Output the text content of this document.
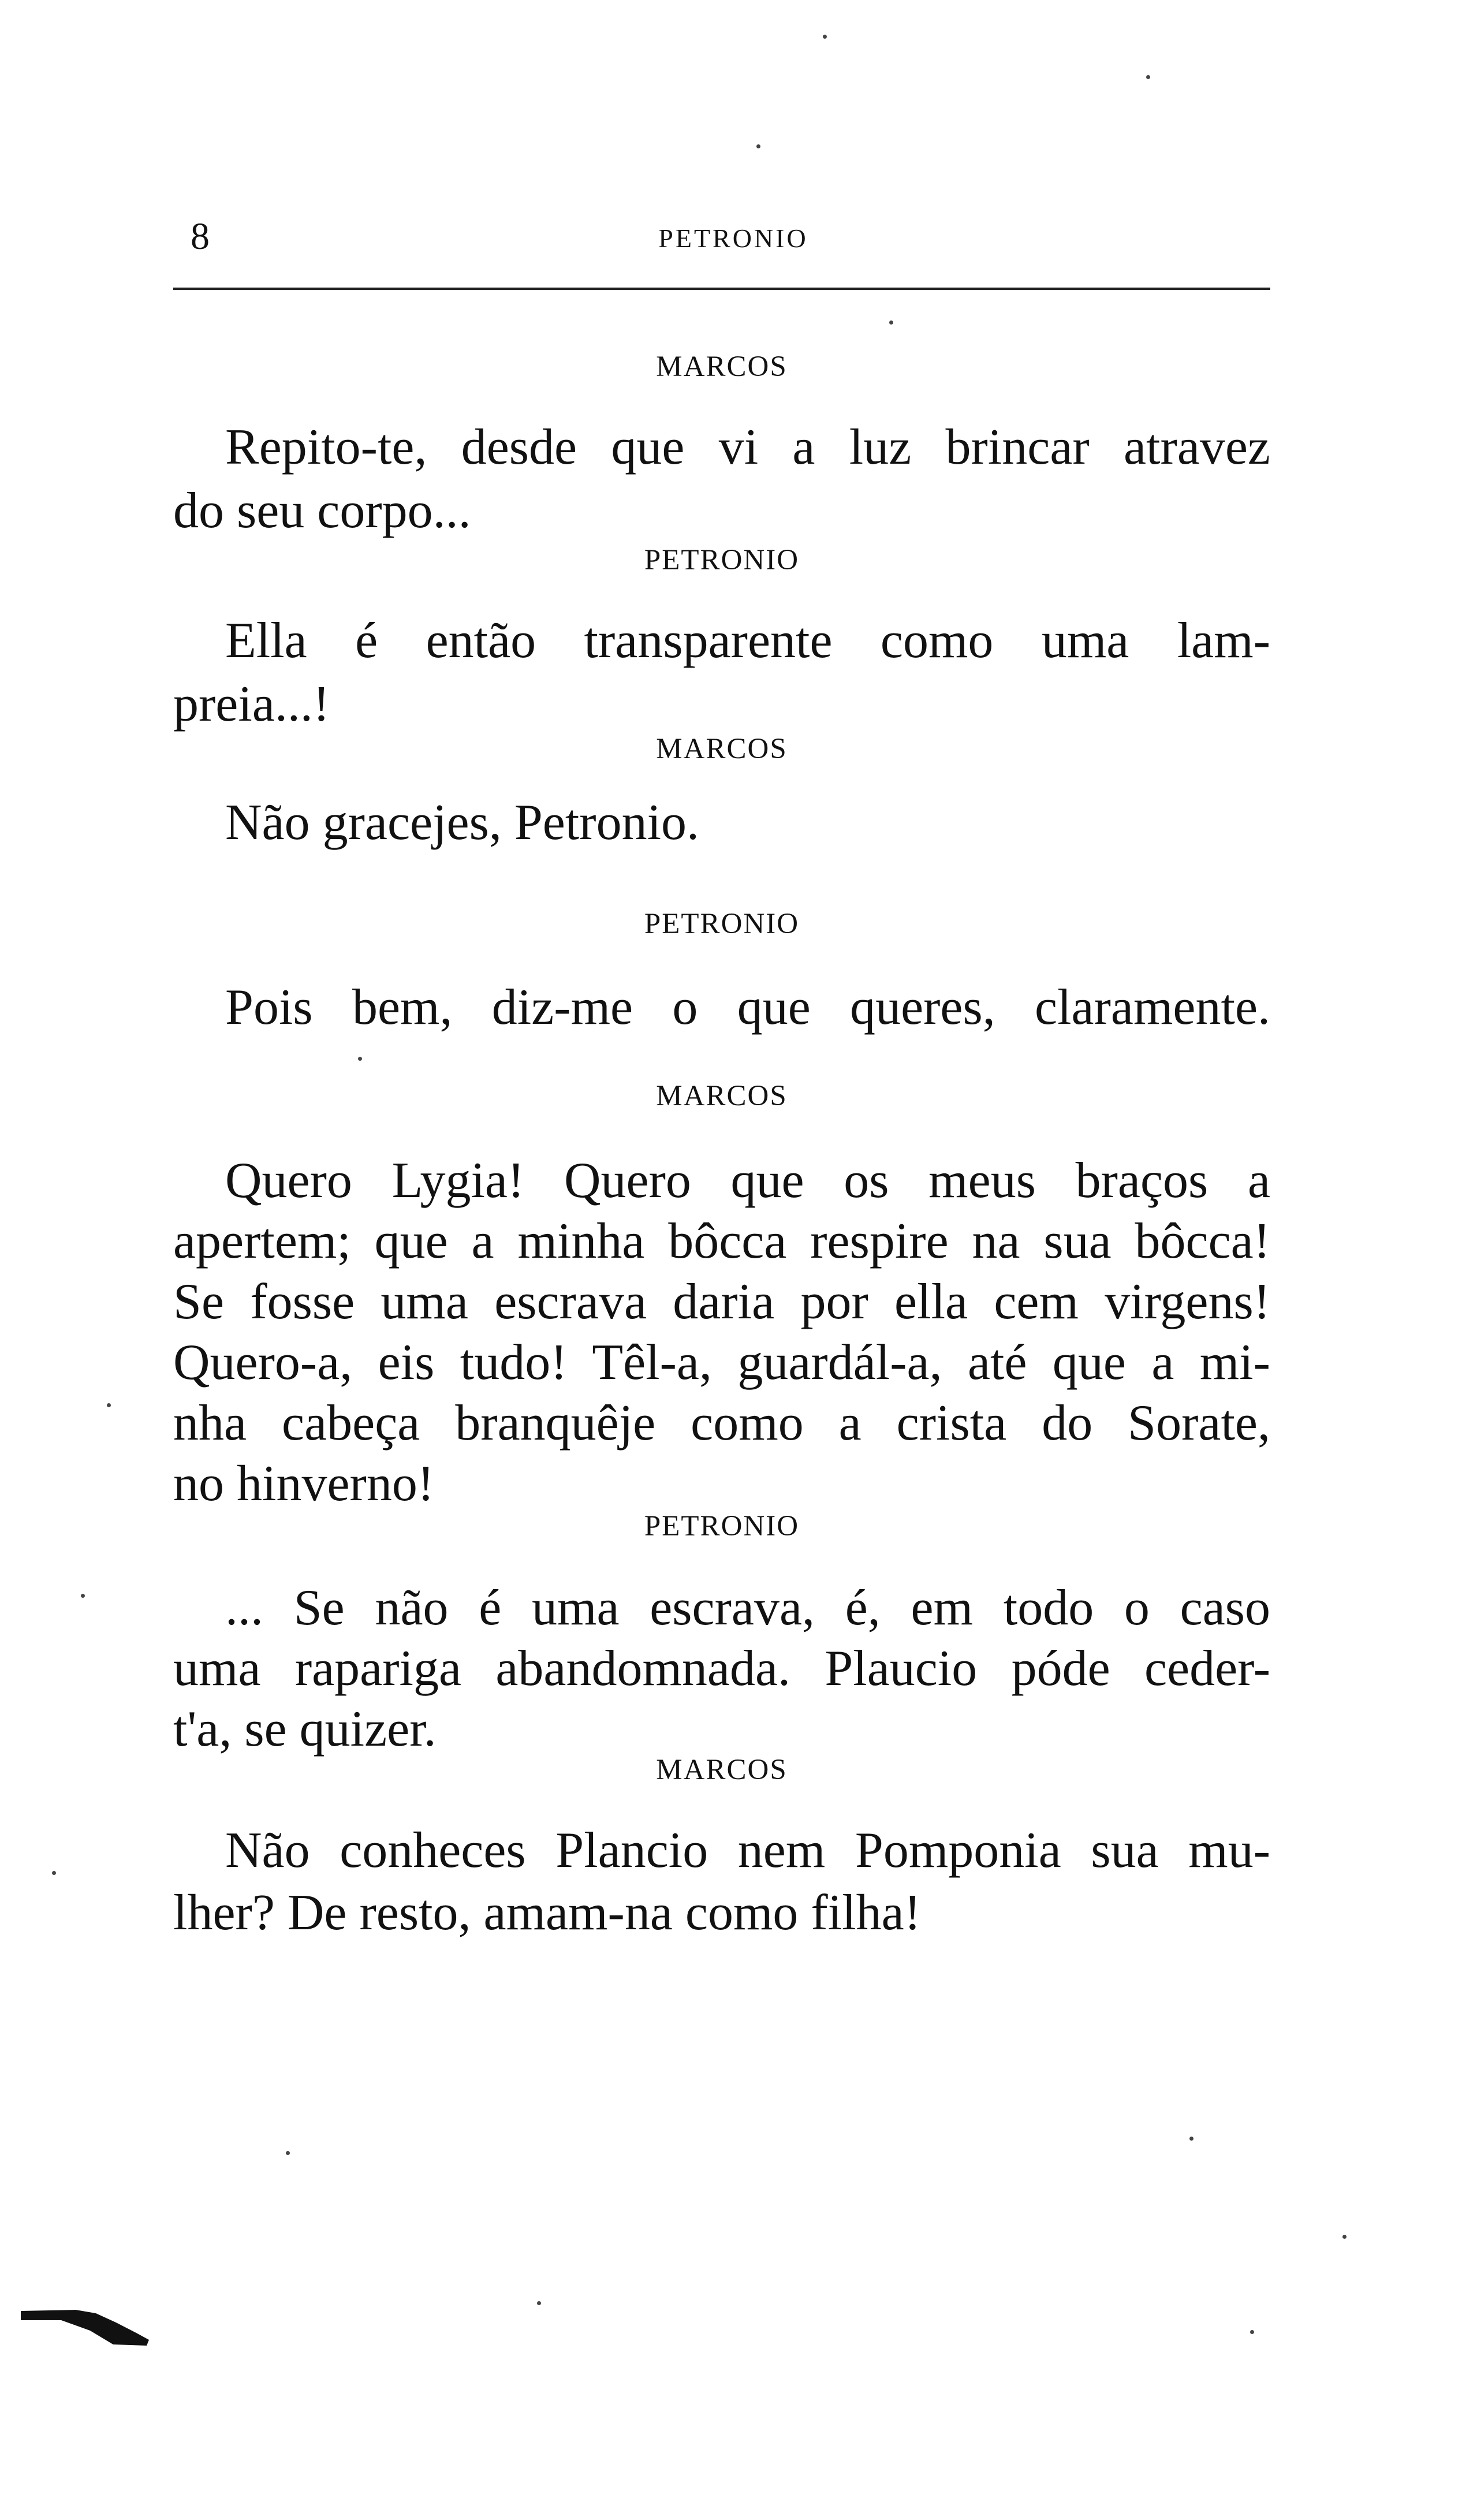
8	PETRONIO
MARCOS
Repito-te, desde que vi a luz brincar atravez
do seu corpo...
PETRONIO
Ella é então transparente como uma lam-
preia...!
MARCOS
Não gracejes, Petronio.
PETRONIO
Pois bem, diz-me o que queres, claramente.
MARCOS
Quero Lygia! Quero que os meus braços a
apertem; que a minha bôcca respire na sua bôcca!
Se fosse uma escrava daria por ella cem virgens!
Quero-a, eis tudo! Têl-a, guardál-a, até que a mi-
nha cabeça branquêje como a crista do Sorate,
no hinverno!
PETRONIO
... Se não é uma escrava, é, em todo o caso
uma rapariga abandomnada. Plaucio póde ceder-
t'a, se quizer.
MARCOS
Não conheces Plancio nem Pomponia sua mu-
lher? De resto, amam-na como filha!
